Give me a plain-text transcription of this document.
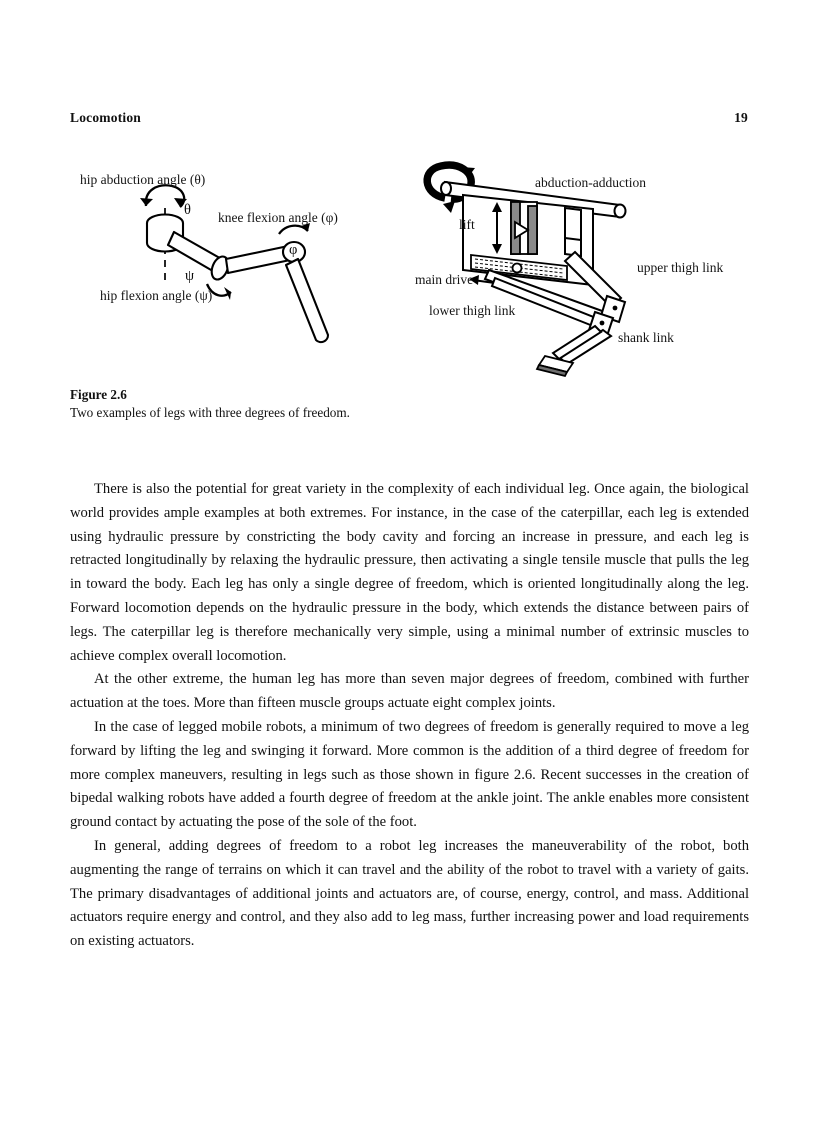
Locomotion	19
hip abduction angle (θ)
knee flexion angle (φ)
hip flexion angle (ψ)
θ
φ
ψ
abduction-adduction
lift
main drive
upper thigh link
lower thigh link
shank link
Figure 2.6
Two examples of legs with three degrees of freedom.

There is also the potential for great variety in the complexity of each individual leg. Once again, the biological world provides ample examples at both extremes. For instance, in the case of the caterpillar, each leg is extended using hydraulic pressure by constricting the body cavity and forcing an increase in pressure, and each leg is retracted longitudinally by relaxing the hydraulic pressure, then activating a single tensile muscle that pulls the leg in toward the body. Each leg has only a single degree of freedom, which is oriented longitudinally along the leg. Forward locomotion depends on the hydraulic pressure in the body, which extends the distance between pairs of legs. The caterpillar leg is therefore mechanically very simple, using a minimal number of extrinsic muscles to achieve complex overall locomotion.

At the other extreme, the human leg has more than seven major degrees of freedom, combined with further actuation at the toes. More than fifteen muscle groups actuate eight complex joints.

In the case of legged mobile robots, a minimum of two degrees of freedom is generally required to move a leg forward by lifting the leg and swinging it forward. More common is the addition of a third degree of freedom for more complex maneuvers, resulting in legs such as those shown in figure 2.6. Recent successes in the creation of bipedal walking robots have added a fourth degree of freedom at the ankle joint. The ankle enables more consistent ground contact by actuating the pose of the sole of the foot.

In general, adding degrees of freedom to a robot leg increases the maneuverability of the robot, both augmenting the range of terrains on which it can travel and the ability of the robot to travel with a variety of gaits. The primary disadvantages of additional joints and actuators are, of course, energy, control, and mass. Additional actuators require energy and control, and they also add to leg mass, further increasing power and load requirements on existing actuators.
